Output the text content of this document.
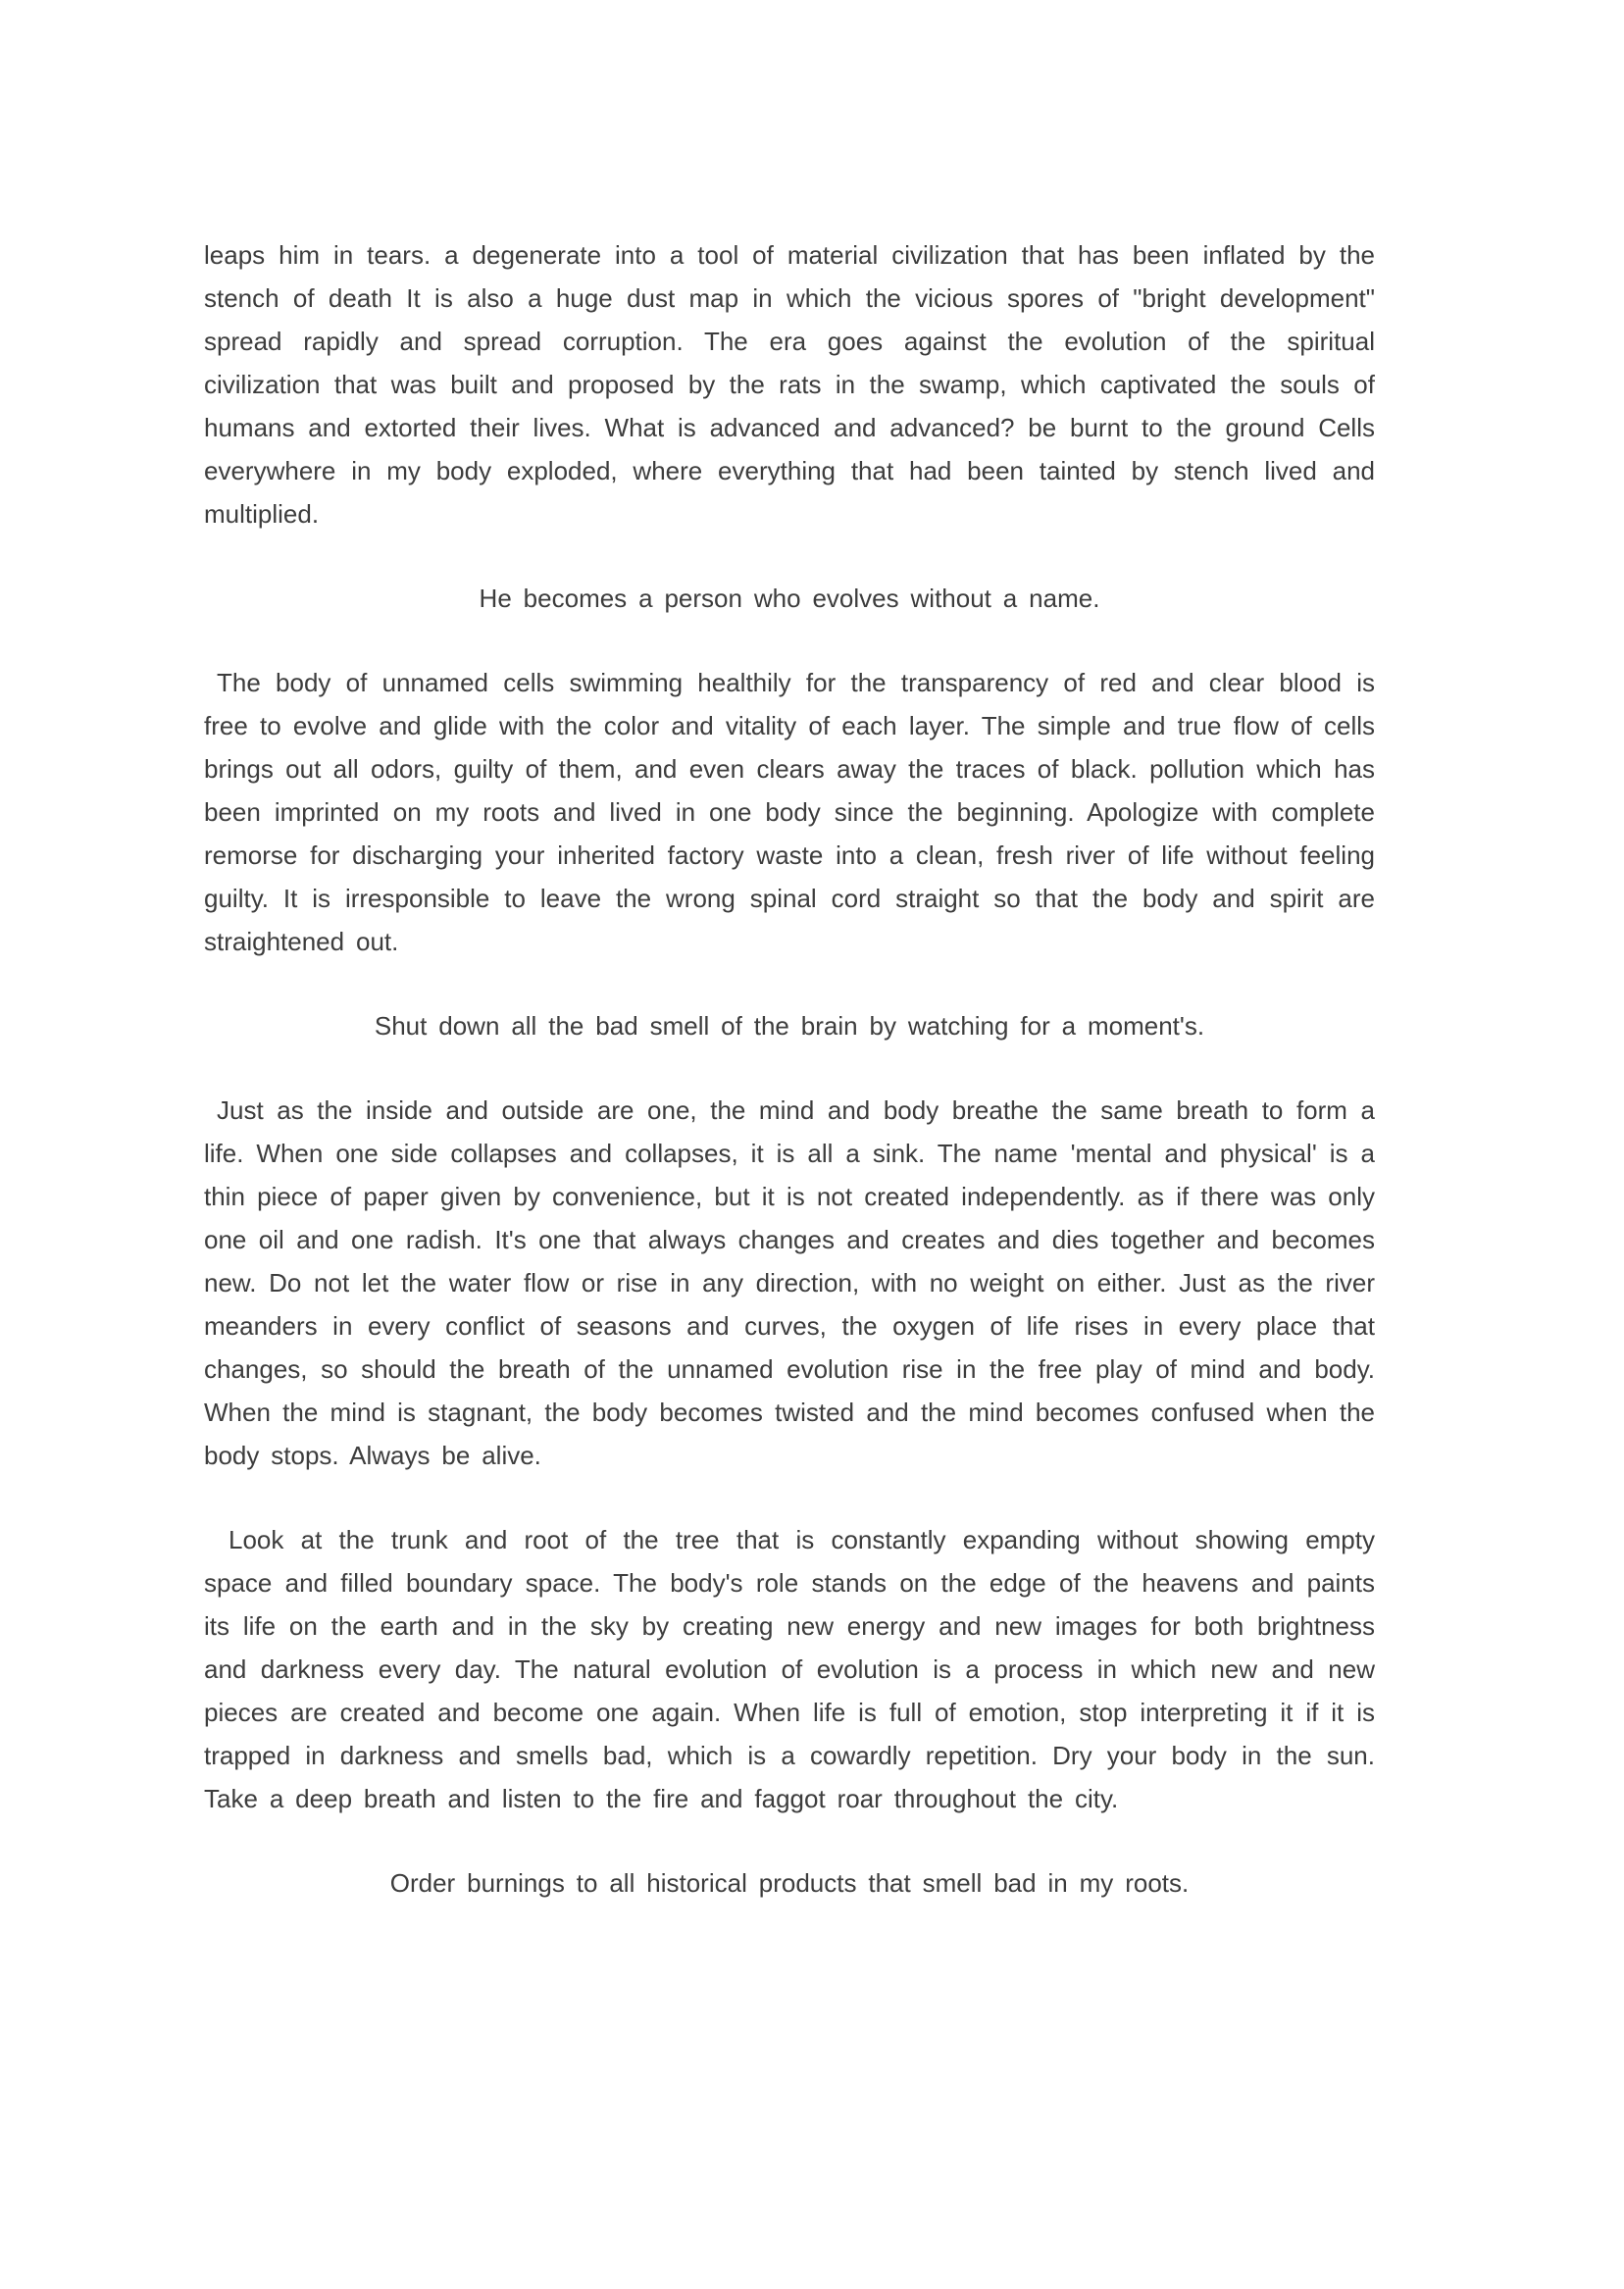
leaps him in tears. a degenerate into a tool of material civilization that has been inflated by the stench of death It is also a huge dust map in which the vicious spores of "bright development" spread rapidly and spread corruption. The era goes against the evolution of the spiritual civilization that was built and proposed by the rats in the swamp, which captivated the souls of humans and extorted their lives. What is advanced and advanced? be burnt to the ground Cells everywhere in my body exploded, where everything that had been tainted by stench lived and multiplied.

He becomes a person who evolves without a name.

The body of unnamed cells swimming healthily for the transparency of red and clear blood is free to evolve and glide with the color and vitality of each layer. The simple and true flow of cells brings out all odors, guilty of them, and even clears away the traces of black. pollution which has been imprinted on my roots and lived in one body since the beginning. Apologize with complete remorse for discharging your inherited factory waste into a clean, fresh river of life without feeling guilty. It is irresponsible to leave the wrong spinal cord straight so that the body and spirit are straightened out.

Shut down all the bad smell of the brain by watching for a moment's.

Just as the inside and outside are one, the mind and body breathe the same breath to form a life. When one side collapses and collapses, it is all a sink. The name 'mental and physical' is a thin piece of paper given by convenience, but it is not created independently. as if there was only one oil and one radish. It's one that always changes and creates and dies together and becomes new. Do not let the water flow or rise in any direction, with no weight on either. Just as the river meanders in every conflict of seasons and curves, the oxygen of life rises in every place that changes, so should the breath of the unnamed evolution rise in the free play of mind and body. When the mind is stagnant, the body becomes twisted and the mind becomes confused when the body stops. Always be alive.

Look at the trunk and root of the tree that is constantly expanding without showing empty space and filled boundary space. The body's role stands on the edge of the heavens and paints its life on the earth and in the sky by creating new energy and new images for both brightness and darkness every day. The natural evolution of evolution is a process in which new and new pieces are created and become one again. When life is full of emotion, stop interpreting it if it is trapped in darkness and smells bad, which is a cowardly repetition. Dry your body in the sun. Take a deep breath and listen to the fire and faggot roar throughout the city.

Order burnings to all historical products that smell bad in my roots.
